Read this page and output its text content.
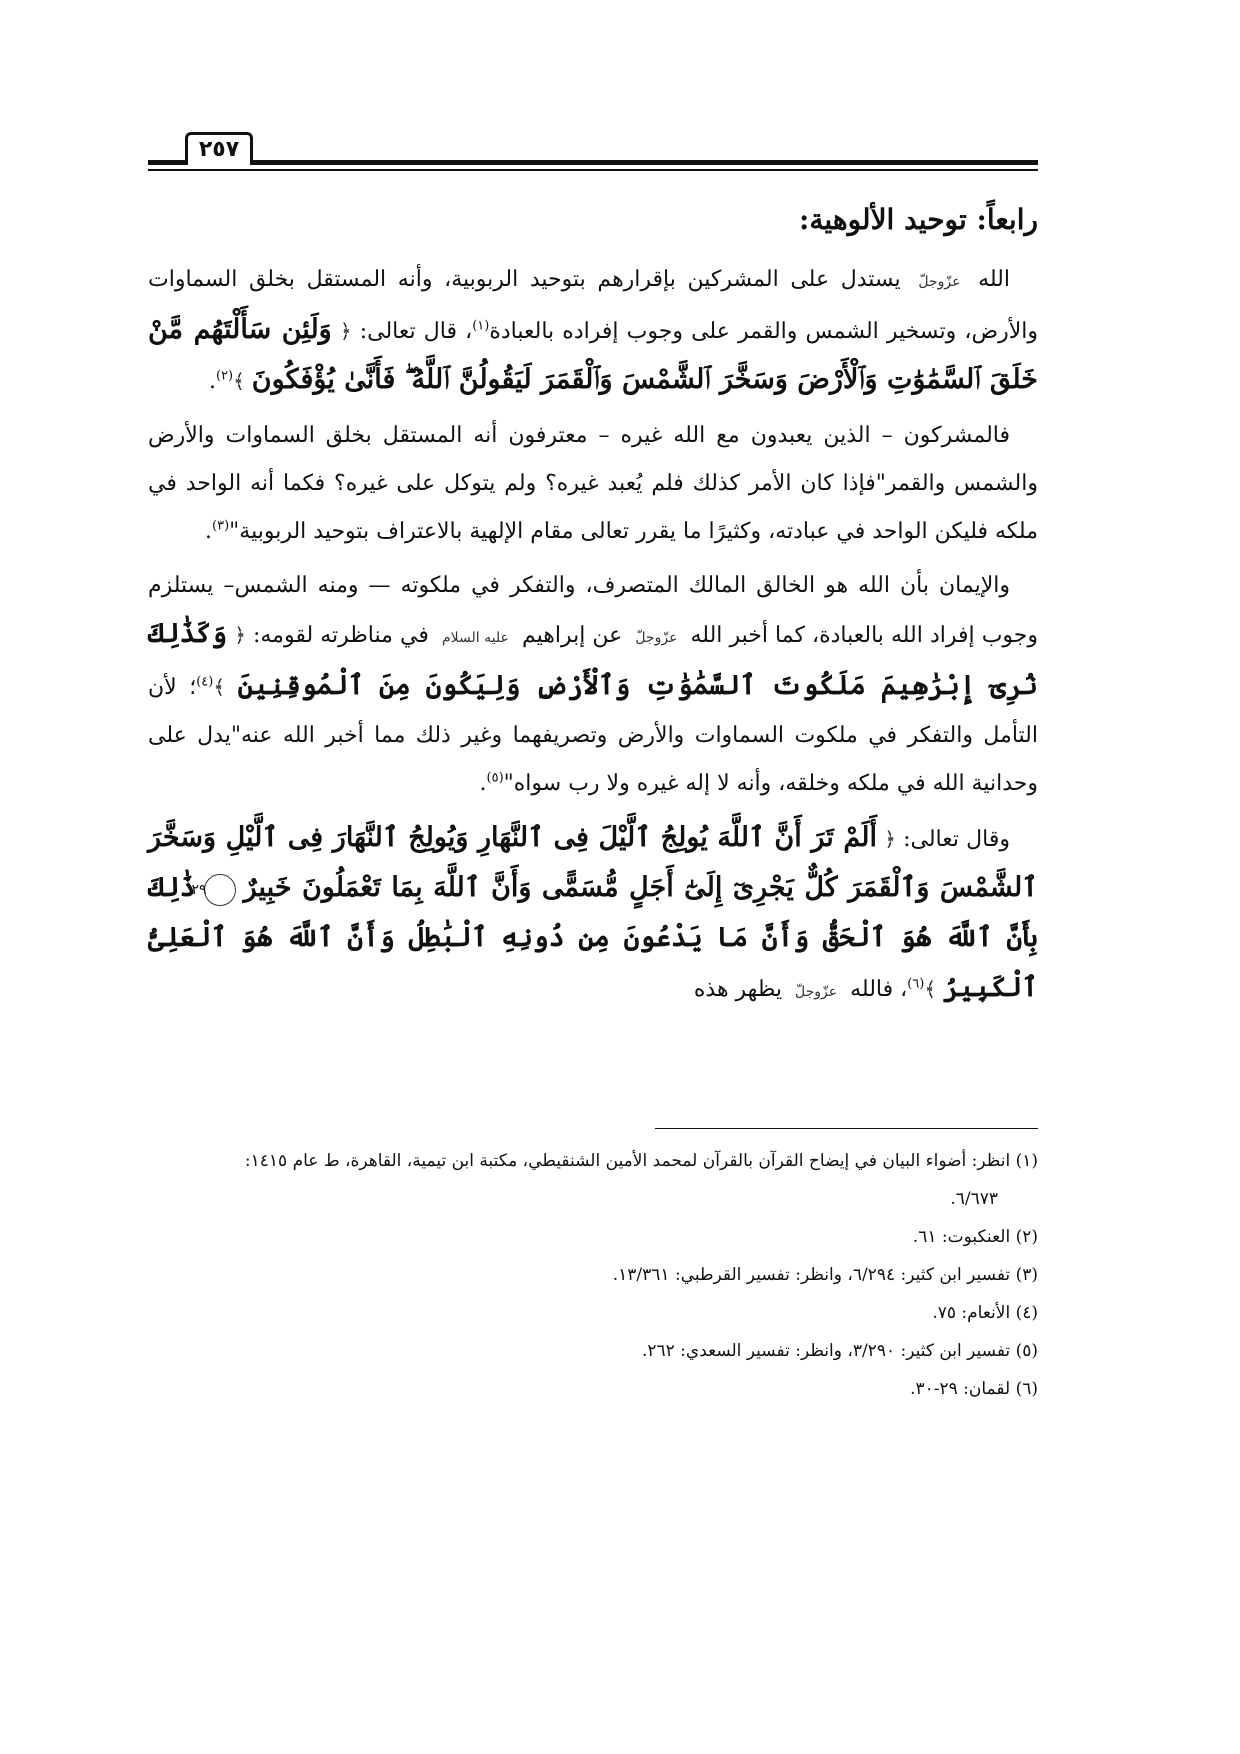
٢٥٧
رابعاً: توحيد الألوهية:

الله عزّوجلّ يستدل على المشركين بإقرارهم بتوحيد الربوبية، وأنه المستقل بخلق السماوات والأرض، وتسخير الشمس والقمر على وجوب إفراده بالعبادة$^{(١)}$، قال تعالى: ﴿ وَلَئِن سَأَلْتَهُم مَّنْ خَلَقَ ٱلسَّمَٰوَٰتِ وَٱلْأَرْضَ وَسَخَّرَ ٱلشَّمْسَ وَٱلْقَمَرَ لَيَقُولُنَّ ٱللَّهُ ۖ فَأَنَّىٰ يُؤْفَكُونَ ﴾$^{(٢)}$.

فالمشركون – الذين يعبدون مع الله غيره – معترفون أنه المستقل بخلق السماوات والأرض والشمس والقمر"فإذا كان الأمر كذلك فلم يُعبد غيره؟ ولم يتوكل على غيره؟ فكما أنه الواحد في ملكه فليكن الواحد في عبادته، وكثيرًا ما يقرر تعالى مقام الإلهية بالاعتراف بتوحيد الربوبية"$^{(٣)}$.

والإيمان بأن الله هو الخالق المالك المتصرف، والتفكر في ملكوته — ومنه الشمس– يستلزم وجوب إفراد الله بالعبادة، كما أخبر الله عزّوجلّ عن إبراهيم عليه السلام في مناظرته لقومه: ﴿ وَكَذَٰلِكَ نُرِىٓ إِبْرَٰهِيمَ مَلَكُوتَ ٱلسَّمَٰوَٰتِ وَٱلْأَرْضِ وَلِيَكُونَ مِنَ ٱلْمُوقِنِينَ ﴾$^{(٤)}$؛ لأن التأمل والتفكر في ملكوت السماوات والأرض وتصريفهما وغير ذلك مما أخبر الله عنه"يدل على وحدانية الله في ملكه وخلقه، وأنه لا إله غيره ولا رب سواه"$^{(٥)}$.

وقال تعالى: ﴿ أَلَمْ تَرَ أَنَّ ٱللَّهَ يُولِجُ ٱلَّيْلَ فِى ٱلنَّهَارِ وَيُولِجُ ٱلنَّهَارَ فِى ٱلَّيْلِ وَسَخَّرَ ٱلشَّمْسَ وَٱلْقَمَرَ كُلٌّ يَجْرِىٓ إِلَىٰٓ أَجَلٍ مُّسَمًّى وَأَنَّ ٱللَّهَ بِمَا تَعْمَلُونَ خَبِيرٌ ٢٩ ذَٰلِكَ بِأَنَّ ٱللَّهَ هُوَ ٱلْحَقُّ وَأَنَّ مَا يَدْعُونَ مِن دُونِهِ ٱلْبَٰطِلُ وَأَنَّ ٱللَّهَ هُوَ ٱلْعَلِىُّ ٱلْكَبِيرُ ﴾$^{(٦)}$، فالله عزّوجلّ يظهر هذه

(١) انظر: أضواء البيان في إيضاح القرآن بالقرآن لمحمد الأمين الشنقيطي، مكتبة ابن تيمية، القاهرة، ط عام ١٤١٥:

٦/٦٧٣.

(٢) العنكبوت: ٦١.

(٣) تفسير ابن كثير: ٦/٢٩٤، وانظر: تفسير القرطبي: ١٣/٣٦١.

(٤) الأنعام: ٧٥.

(٥) تفسير ابن كثير: ٣/٢٩٠، وانظر: تفسير السعدي: ٢٦٢.

(٦) لقمان: ٢٩-٣٠.
